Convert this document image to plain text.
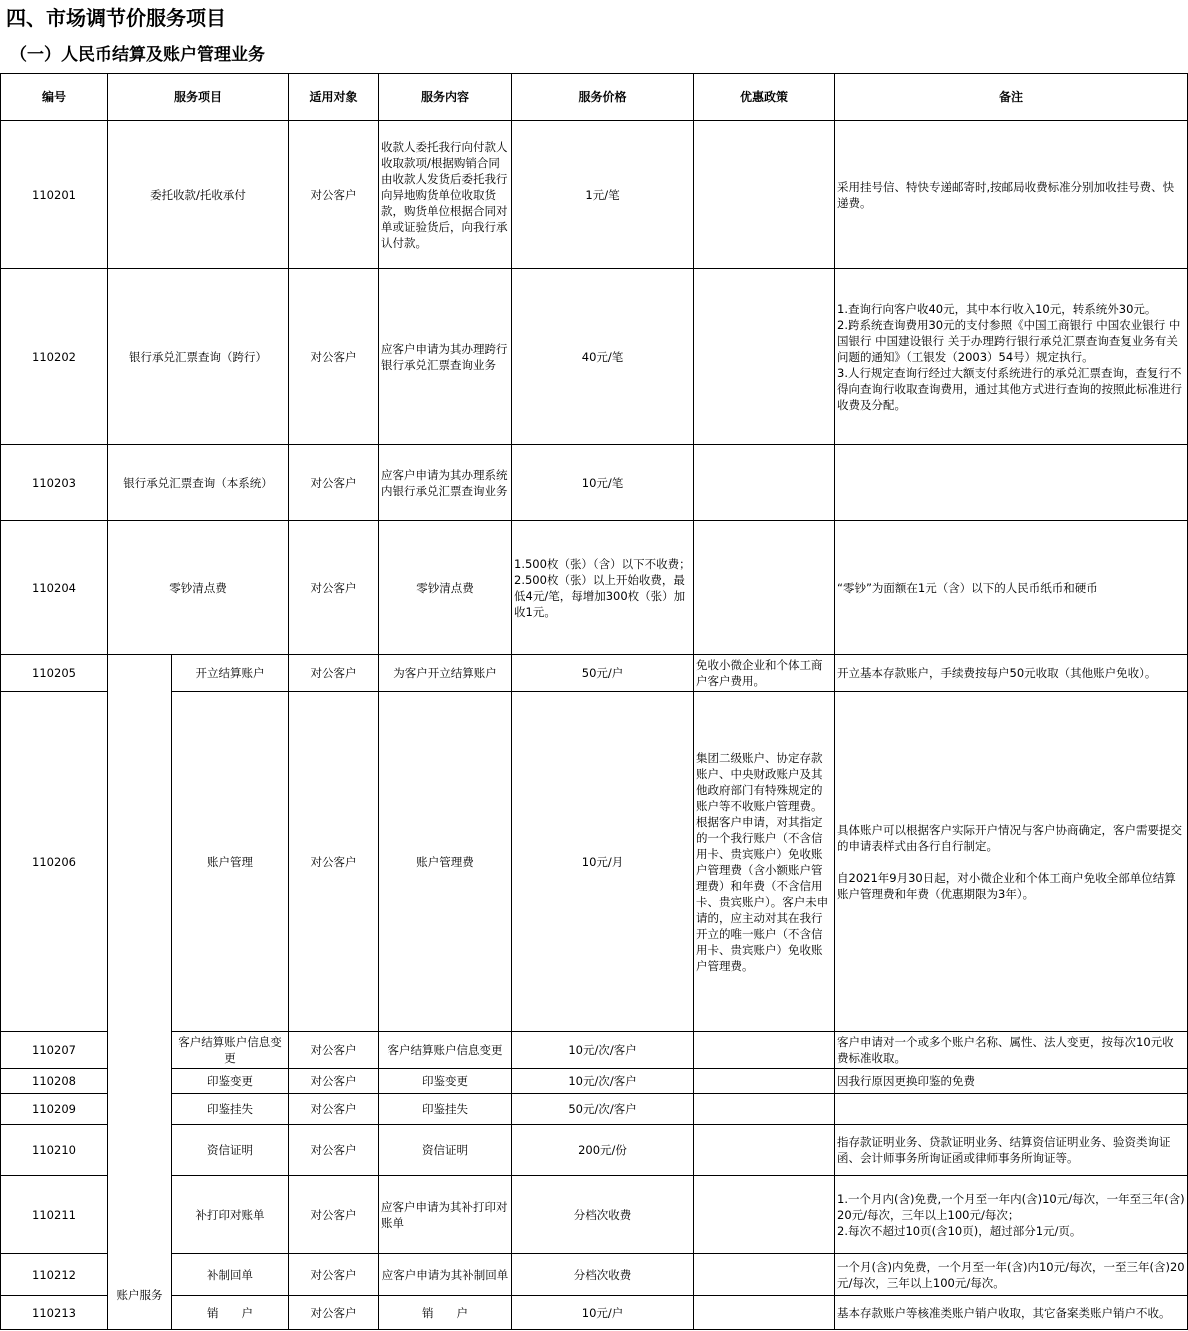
四、市场调节价服务项目
（一）人民币结算及账户管理业务
编号	服务项目		适用对象	服务内容	服务价格	优惠政策	备注
110201	委托收款/托收承付		对公客户	收款人委托我行向付款人收取款项/根据购销合同由收款人发货后委托我行向异地购货单位收取货款，购货单位根据合同对单或证验货后，向我行承认付款。	1元/笔		采用挂号信、特快专递邮寄时,按邮局收费标准分别加收挂号费、快递费。
110202	银行承兑汇票查询（跨行）		对公客户	应客户申请为其办理跨行银行承兑汇票查询业务	40元/笔		1.查询行向客户收40元，其中本行收入10元，转系统外30元。
2.跨系统查询费用30元的支付参照《中国工商银行 中国农业银行 中国银行 中国建设银行 关于办理跨行银行承兑汇票查询查复业务有关问题的通知》（工银发（2003）54号）规定执行。
3.人行规定查询行经过大额支付系统进行的承兑汇票查询，查复行不得向查询行收取查询费用，通过其他方式进行查询的按照此标准进行收费及分配。
110203	银行承兑汇票查询（本系统）		对公客户	应客户申请为其办理系统内银行承兑汇票查询业务	10元/笔		
110204	零钞清点费		对公客户	零钞清点费	1.500枚（张）（含）以下不收费；
2.500枚（张）以上开始收费，最低4元/笔，每增加300枚（张）加收1元。		“零钞”为面额在1元（含）以下的人民币纸币和硬币
110205	账户服务	开立结算账户	对公客户	为客户开立结算账户	50元/户	免收小微企业和个体工商户客户费用。	开立基本存款账户，手续费按每户50元收取（其他账户免收）。
110206		账户管理	对公客户	账户管理费	10元/月	集团二级账户、协定存款账户、中央财政账户及其他政府部门有特殊规定的账户等不收账户管理费。
根据客户申请，对其指定的一个我行账户（不含信用卡、贵宾账户）免收账户管理费（含小额账户管理费）和年费（不含信用卡、贵宾账户）。客户未申请的，应主动对其在我行开立的唯一账户（不含信用卡、贵宾账户）免收账户管理费。	具体账户可以根据客户实际开户情况与客户协商确定，客户需要提交的申请表样式由各行自行制定。

自2021年9月30日起，对小微企业和个体工商户免收全部单位结算账户管理费和年费（优惠期限为3年）。
110207		客户结算账户信息变更	对公客户	客户结算账户信息变更	10元/次/客户		客户申请对一个或多个账户名称、属性、法人变更，按每次10元收费标准收取。
110208		印鉴变更	对公客户	印鉴变更	10元/次/客户		因我行原因更换印鉴的免费
110209		印鉴挂失	对公客户	印鉴挂失	50元/次/客户		
110210		资信证明	对公客户	资信证明	200元/份		指存款证明业务、贷款证明业务、结算资信证明业务、验资类询证函、会计师事务所询证函或律师事务所询证等。
110211		补打印对账单	对公客户	应客户申请为其补打印对账单	分档次收费		1.一个月内(含)免费,一个月至一年内(含)10元/每次，一年至三年(含)20元/每次，三年以上100元/每次；
2.每次不超过10页(含10页)，超过部分1元/页。
110212		补制回单	对公客户	应客户申请为其补制回单	分档次收费		一个月(含)内免费，一个月至一年(含)内10元/每次，一至三年(含)20元/每次，三年以上100元/每次。
110213		销　　户	对公客户	销　　户	10元/户		基本存款账户等核准类账户销户收取，其它备案类账户销户不收。
